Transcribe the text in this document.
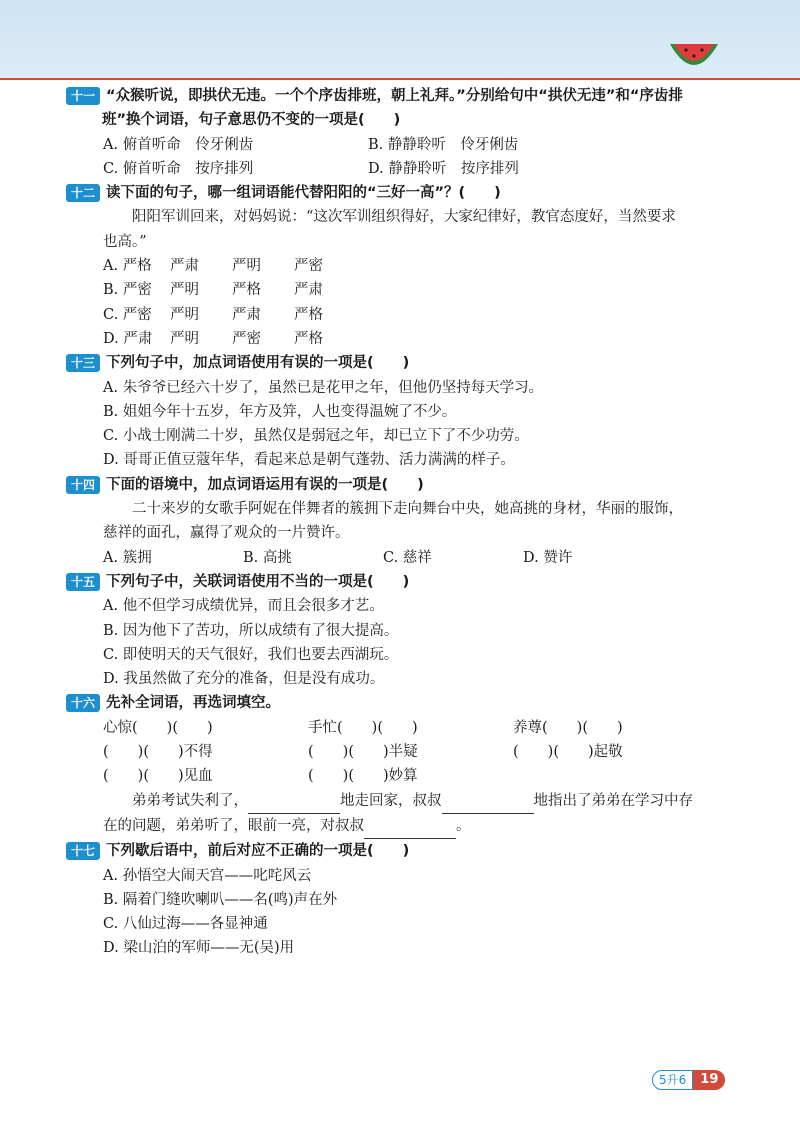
十一 “众猴听说，即拱伏无违。一个个序齿排班，朝上礼拜。”分别给句中“拱伏无违”和“序齿排
班”换个词语，句子意思仍不变的一项是(　　)
A. 俯首听命　伶牙俐齿	B. 静静聆听　伶牙俐齿
C. 俯首听命　按序排列	D. 静静聆听　按序排列
十二 读下面的句子，哪一组词语能代替阳阳的“三好一高”？(　　)
阳阳军训回来，对妈妈说：“这次军训组织得好，大家纪律好，教官态度好，当然要求
也高。”
A. 严格	严肃	严明	严密
B. 严密	严明	严格	严肃
C. 严密	严明	严肃	严格
D. 严肃	严明	严密	严格
十三 下列句子中，加点词语使用有误的一项是(　　)
A. 朱爷爷已经六十岁了，虽然已是花甲之年，但他仍坚持每天学习。
B. 姐姐今年十五岁，年方及笄，人也变得温婉了不少。
C. 小战士刚满二十岁，虽然仅是弱冠之年，却已立下了不少功劳。
D. 哥哥正值豆蔻年华，看起来总是朝气蓬勃、活力满满的样子。
十四 下面的语境中，加点词语运用有误的一项是(　　)
二十来岁的女歌手阿妮在伴舞者的簇拥下走向舞台中央，她高挑的身材，华丽的服饰，
慈祥的面孔，赢得了观众的一片赞许。
A. 簇拥	B. 高挑	C. 慈祥	D. 赞许
十五 下列句子中，关联词语使用不当的一项是(　　)
A. 他不但学习成绩优异，而且会很多才艺。
B. 因为他下了苦功，所以成绩有了很大提高。
C. 即使明天的天气很好，我们也要去西湖玩。
D. 我虽然做了充分的准备，但是没有成功。
十六 先补全词语，再选词填空。
心惊(　　)(　　)	手忙(　　)(　　)	养尊(　　)(　　)
(　　)(　　)不得	(　　)(　　)半疑	(　　)(　　)起敬
(　　)(　　)见血	(　　)(　　)妙算
弟弟考试失利了，	地走回家，叔叔	地指出了弟弟在学习中存
在的问题，弟弟听了，眼前一亮，对叔叔	。
十七 下列歇后语中，前后对应不正确的一项是(　　)
A. 孙悟空大闹天宫——叱咤风云
B. 隔着门缝吹喇叭——名(鸣)声在外
C. 八仙过海——各显神通
D. 梁山泊的军师——无(吴)用
5升6	19
